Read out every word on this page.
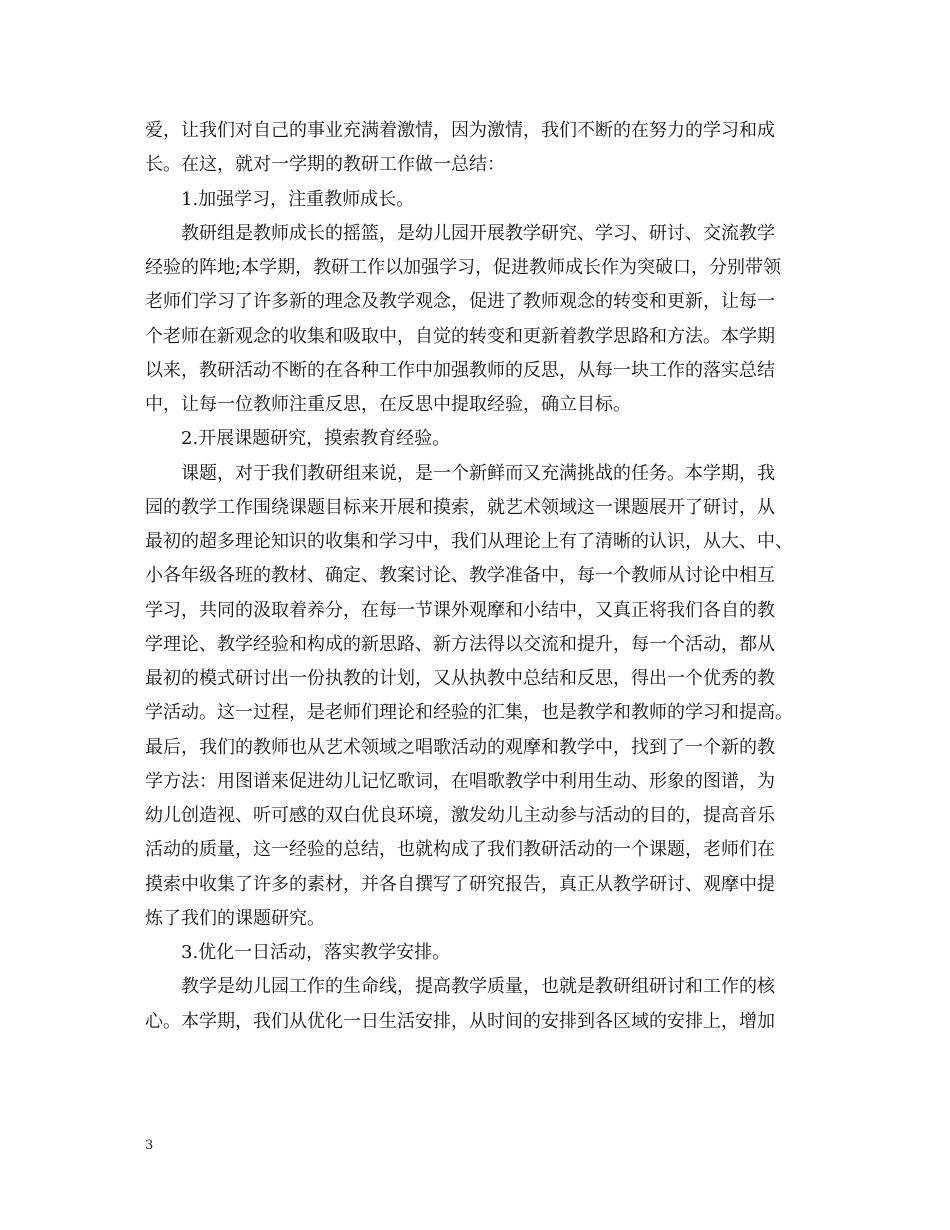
爱，让我们对自己的事业充满着激情，因为激情，我们不断的在努力的学习和成
长。在这，就对一学期的教研工作做一总结：
1.加强学习，注重教师成长。
教研组是教师成长的摇篮，是幼儿园开展教学研究、学习、研讨、交流教学
经验的阵地;本学期，教研工作以加强学习，促进教师成长作为突破口，分别带领
老师们学习了许多新的理念及教学观念，促进了教师观念的转变和更新，让每一
个老师在新观念的收集和吸取中，自觉的转变和更新着教学思路和方法。本学期
以来，教研活动不断的在各种工作中加强教师的反思，从每一块工作的落实总结
中，让每一位教师注重反思，在反思中提取经验，确立目标。
2.开展课题研究，摸索教育经验。
课题，对于我们教研组来说，是一个新鲜而又充满挑战的任务。本学期，我
园的教学工作围绕课题目标来开展和摸索，就艺术领域这一课题展开了研讨，从
最初的超多理论知识的收集和学习中，我们从理论上有了清晰的认识，从大、中、
小各年级各班的教材、确定、教案讨论、教学准备中，每一个教师从讨论中相互
学习，共同的汲取着养分，在每一节课外观摩和小结中，又真正将我们各自的教
学理论、教学经验和构成的新思路、新方法得以交流和提升，每一个活动，都从
最初的模式研讨出一份执教的计划，又从执教中总结和反思，得出一个优秀的教
学活动。这一过程，是老师们理论和经验的汇集，也是教学和教师的学习和提高。
最后，我们的教师也从艺术领域之唱歌活动的观摩和教学中，找到了一个新的教
学方法：用图谱来促进幼儿记忆歌词，在唱歌教学中利用生动、形象的图谱，为
幼儿创造视、听可感的双白优良环境，激发幼儿主动参与活动的目的，提高音乐
活动的质量，这一经验的总结，也就构成了我们教研活动的一个课题，老师们在
摸索中收集了许多的素材，并各自撰写了研究报告，真正从教学研讨、观摩中提
炼了我们的课题研究。
3.优化一日活动，落实教学安排。
教学是幼儿园工作的生命线，提高教学质量，也就是教研组研讨和工作的核
心。本学期，我们从优化一日生活安排，从时间的安排到各区域的安排上，增加
3
